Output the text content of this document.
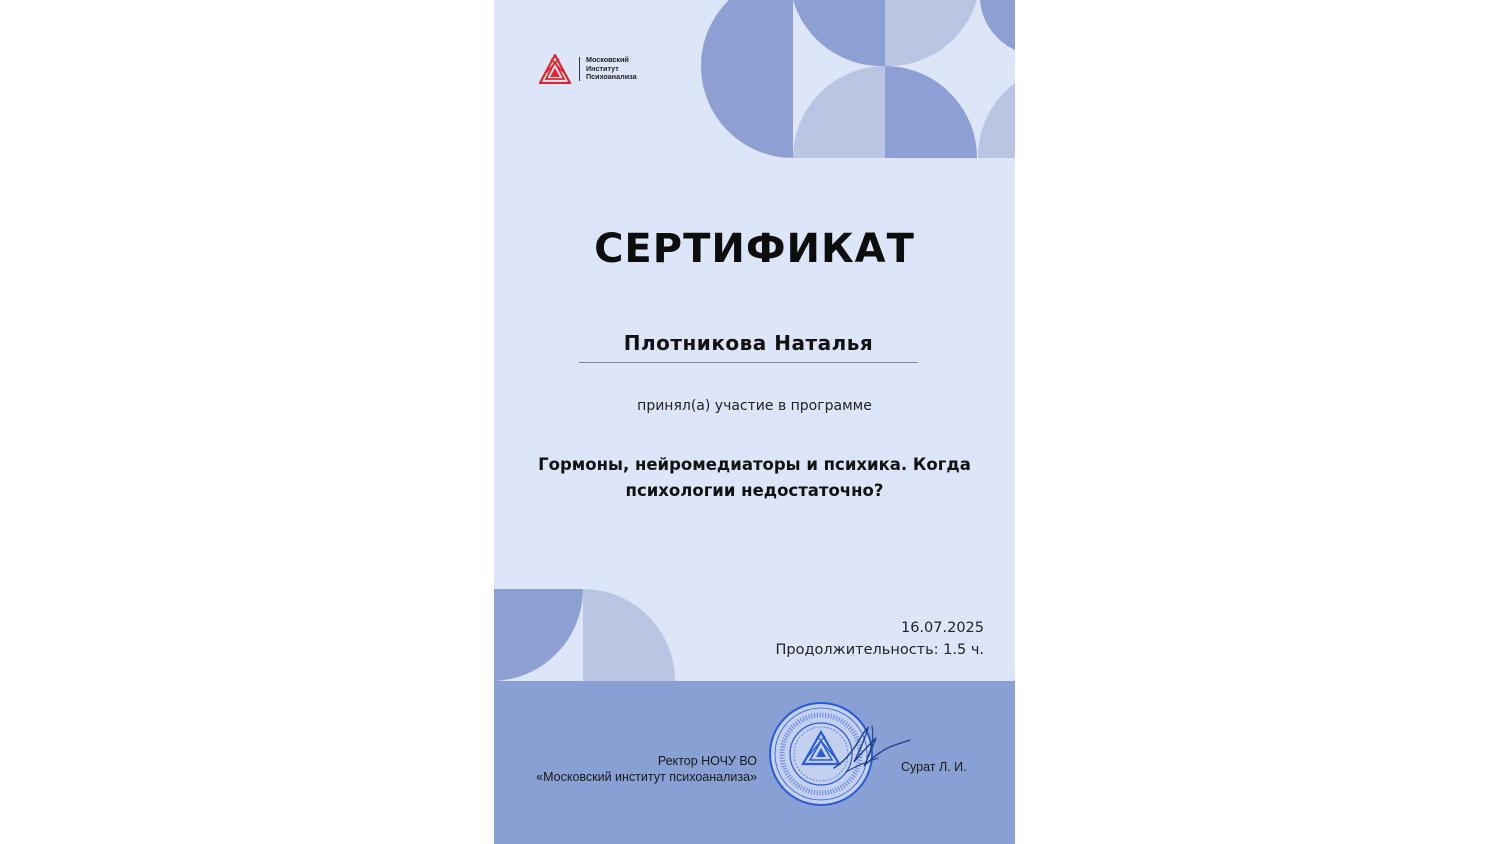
Московский
Институт
Психоанализа
СЕРТИФИКАТ
Плотникова Наталья
принял(а) участие в программе
Гормоны, нейромедиаторы и психика. Когда
психологии недостаточно?
16.07.2025
Продолжительность: 1.5 ч.
Ректор НОЧУ ВО
«Московский институт психоанализа»
Сурат Л. И.
